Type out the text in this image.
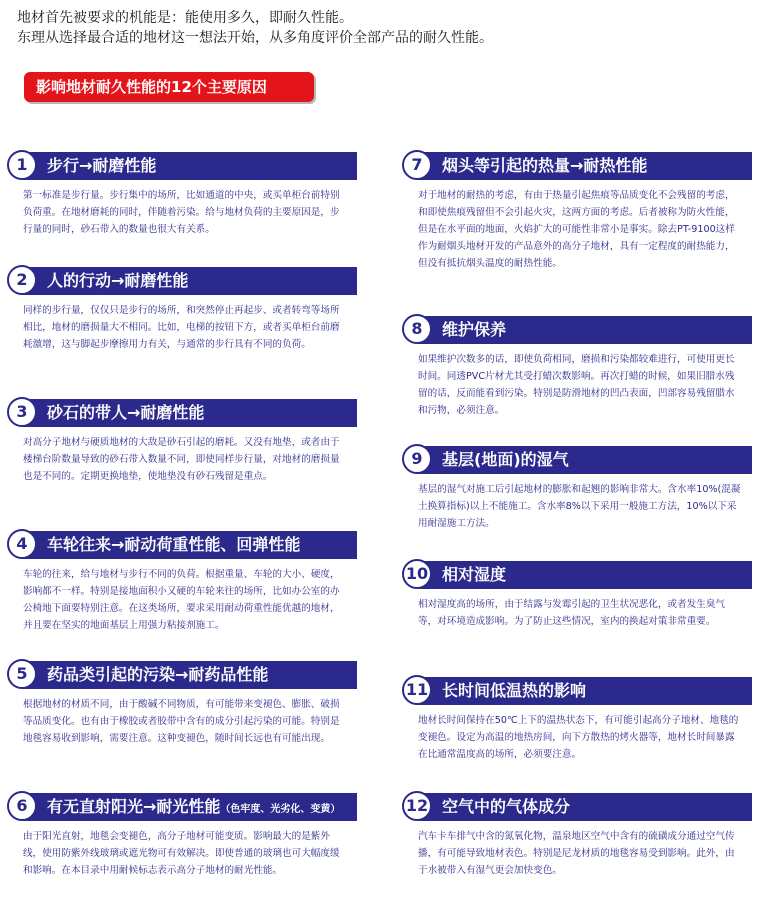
地材首先被要求的机能是：能使用多久，即耐久性能。
东理从选择最合适的地材这一想法开始，从多角度评价全部产品的耐久性能。
影响地材耐久性能的12个主要原因
1	步行→耐磨性能
第一标准是步行量。步行集中的场所，比如通道的中央，或买单柜台前特别负荷重。在地材磨耗的同时，伴随着污染。给与地材负荷的主要原因是，步行量的同时，砂石带入的数量也很大有关系。
2	人的行动→耐磨性能
同样的步行量，仅仅只是步行的场所，和突然停止再起步、或者转弯等场所相比，地材的磨损量大不相同。比如，电梯的按钮下方，或者买单柜台前磨耗激增，这与脚起步摩擦用力有关，与通常的步行具有不同的负荷。
3	砂石的带人→耐磨性能
对高分子地材与硬质地材的大敌是砂石引起的磨耗。又没有地垫，或者由于楼梯台阶数量导致的砂石带入数量不同，即使同样步行量，对地材的磨损量也是不同的。定期更换地垫，使地垫没有砂石残留是重点。
4	车轮往来→耐动荷重性能、回弹性能
车轮的往来，给与地材与步行不同的负荷。根据重量、车轮的大小、硬度，影响都不一样。特别是接地面积小又硬的车轮来往的场所，比如办公室的办公椅地下面要特别注意。在这类场所，要求采用耐动荷重性能优越的地材，并且要在坚实的地面基层上用强力粘接剂施工。
5	药品类引起的污染→耐药品性能
根据地材的材质不同，由于酸碱不同物质，有可能带来变褪色、膨胀、破损等品质变化。也有由于橡胶或者胶带中含有的成分引起污染的可能。特别是地毯容易收到影响，需要注意。这种变褪色，随时间长远也有可能出现。
6	有无直射阳光→耐光性能（色牢度、光劣化、变黄）
由于阳光直射，地毯会变褪色，高分子地材可能变质。影响最大的是紫外线，使用防紫外线玻璃或遮光物可有效解决。即使普通的玻璃也可大幅度缓和影响。在本目录中用耐候标志表示高分子地材的耐光性能。
7	烟头等引起的热量→耐热性能
对于地材的耐热的考虑，有由于热量引起焦痕等品质变化不会残留的考虑，和即使焦痕残留但不会引起火灾，这两方面的考虑。后者被称为防火性能，但是在水平面的地面，火焰扩大的可能性非常小是事实。除去PT-9100这样作为耐烟头地材开发的产品意外的高分子地材，具有一定程度的耐热能力，但没有抵抗烟头温度的耐热性能。
8	维护保养
如果维护次数多的话，即使负荷相同，磨损和污染都较难进行，可使用更长时间。同透PVC片材尤其受打蜡次数影响。再次打蜡的时候，如果旧腊水残留的话，反而能看到污染。特别是防滑地材的凹凸表面，凹部容易残留腊水和污物，必须注意。
9	基层(地面)的湿气
基层的湿气对施工后引起地材的膨胀和起翘的影响非常大。含水率10%(混凝土换算指标)以上不能施工。含水率8%以下采用一般施工方法，10%以下采用耐湿施工方法。
10 相对湿度
相对湿度高的场所，由于结露与发霉引起的卫生状况恶化，或者发生臭气等，对环境造成影响。为了防止这些情况，室内的换起对策非常重要。
11 长时间低温热的影响
地材长时间保持在50℃上下的温热状态下，有可能引起高分子地材、地毯的变褪色。设定为高温的地热房间，向下方散热的烤火器等，地材长时间暴露在比通常温度高的场所，必须要注意。
12 空气中的气体成分
汽车卡车排气中含的氮氧化物，温泉地区空气中含有的硫磺成分通过空气传播，有可能导致地材表色。特别是尼龙材质的地毯容易受到影响。此外，由于水被带入有湿气更会加快变色。
